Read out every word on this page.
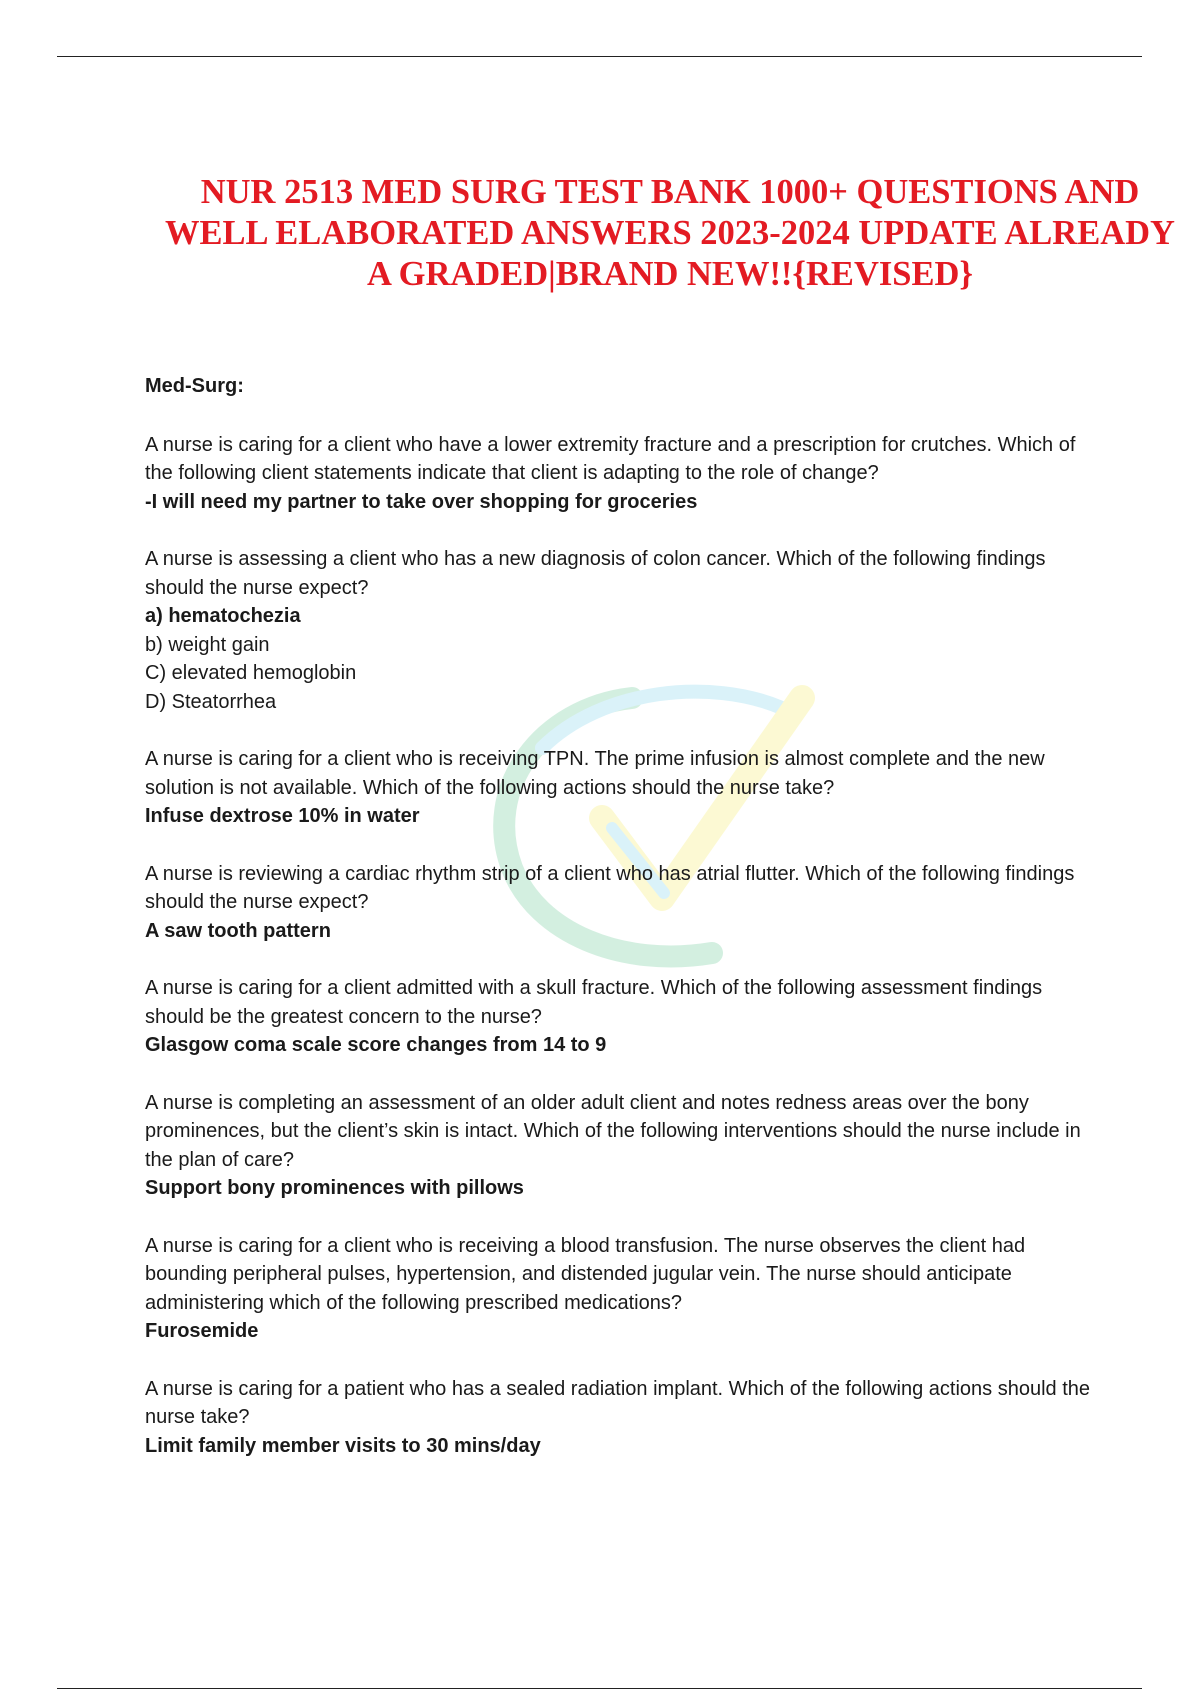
NUR 2513 MED SURG TEST BANK 1000+ QUESTIONS AND
WELL ELABORATED ANSWERS 2023-2024 UPDATE ALREADY
A GRADED|BRAND NEW!!{REVISED}

Med-Surg:

A nurse is caring for a client who have a lower extremity fracture and a prescription for crutches. Which of the following client statements indicate that client is adapting to the role of change?

-I will need my partner to take over shopping for groceries

A nurse is assessing a client who has a new diagnosis of colon cancer. Which of the following findings should the nurse expect?

a) hematochezia

b) weight gain

C) elevated hemoglobin

D) Steatorrhea

A nurse is caring for a client who is receiving TPN. The prime infusion is almost complete and the new solution is not available. Which of the following actions should the nurse take?

Infuse dextrose 10% in water

A nurse is reviewing a cardiac rhythm strip of a client who has atrial flutter. Which of the following findings should the nurse expect?

A saw tooth pattern

A nurse is caring for a client admitted with a skull fracture. Which of the following assessment findings should be the greatest concern to the nurse?

Glasgow coma scale score changes from 14 to 9

A nurse is completing an assessment of an older adult client and notes redness areas over the bony prominences, but the client’s skin is intact. Which of the following interventions should the nurse include in the plan of care?

Support bony prominences with pillows

A nurse is caring for a client who is receiving a blood transfusion. The nurse observes the client had bounding peripheral pulses, hypertension, and distended jugular vein. The nurse should anticipate administering which of the following prescribed medications?

Furosemide

A nurse is caring for a patient who has a sealed radiation implant. Which of the following actions should the nurse take?

Limit family member visits to 30 mins/day
